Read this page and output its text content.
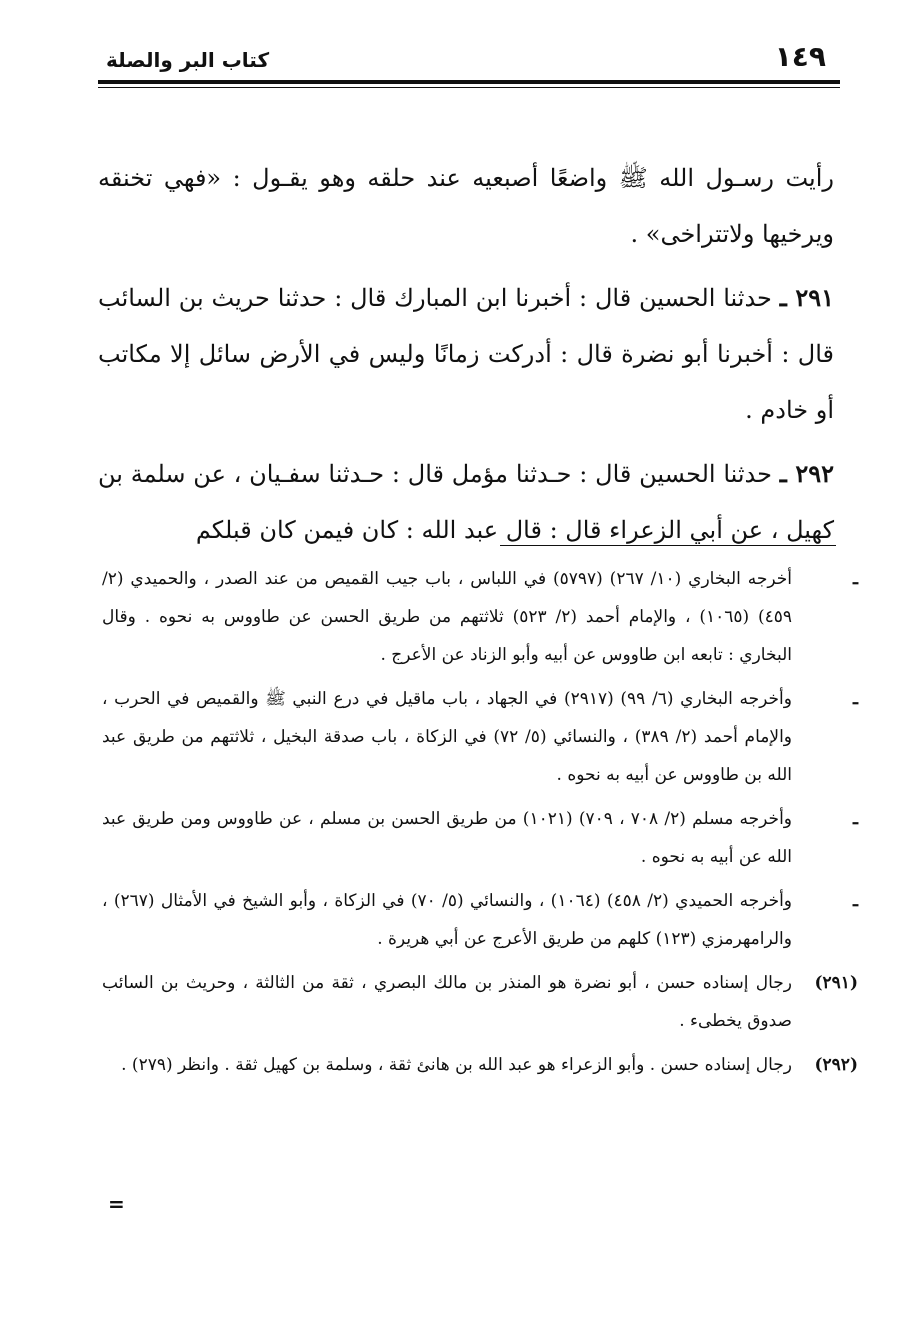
١٤٩
كتاب البر والصلة

رأيت رسـول الله ﷺ واضعًا أصبعيه عند حلقه وهو يقـول : «فهي تخنقه ويرخيها ولاتتراخى» .

٢٩١ ـ حدثنا الحسين قال : أخبرنا ابن المبارك قال : حدثنا حريث بن السائب قال : أخبرنا أبو نضرة قال : أدركت زمانًا وليس في الأرض سائل إلا مكاتب أو خادم .

٢٩٢ ـ حدثنا الحسين قال : حـدثنا مؤمل قال : حـدثنا سفـيان ، عن سلمة بن كهيل ، عن أبي الزعراء قال : قال عبد الله : كان فيمن كان قبلكم

ـ
أخرجه البخاري (١٠/ ٢٦٧) (٥٧٩٧) في اللباس ، باب جيب القميص من عند الصدر ، والحميدي (٢/ ٤٥٩) (١٠٦٥) ، والإمام أحمد (٢/ ٥٢٣) ثلاثتهم من طريق الحسن عن طاووس به نحوه . وقال البخاري : تابعه ابن طاووس عن أبيه وأبو الزناد عن الأعرج .
ـ
وأخرجه البخاري (٦/ ٩٩) (٢٩١٧) في الجهاد ، باب ماقيل في درع النبي ﷺ والقميص في الحرب ، والإمام أحمد (٢/ ٣٨٩) ، والنسائي (٥/ ٧٢) في الزكاة ، باب صدقة البخيل ، ثلاثتهم من طريق عبد الله بن طاووس عن أبيه به نحوه .
ـ
وأخرجه مسلم (٢/ ٧٠٨ ، ٧٠٩) (١٠٢١) من طريق الحسن بن مسلم ، عن طاووس ومن طريق عبد الله عن أبيه به نحوه .
ـ
وأخرجه الحميدي (٢/ ٤٥٨) (١٠٦٤) ، والنسائي (٥/ ٧٠) في الزكاة ، وأبو الشيخ في الأمثال (٢٦٧) ، والرامهرمزي (١٢٣) كلهم من طريق الأعرج عن أبي هريرة .
(٢٩١)
رجال إسناده حسن ، أبو نضرة هو المنذر بن مالك البصري ، ثقة من الثالثة ، وحريث بن السائب صدوق يخطىء .
(٢٩٢)
رجال إسناده حسن . وأبو الزعراء هو عبد الله بن هانئ ثقة ، وسلمة بن كهيل ثقة . وانظر (٢٧٩) .
=
